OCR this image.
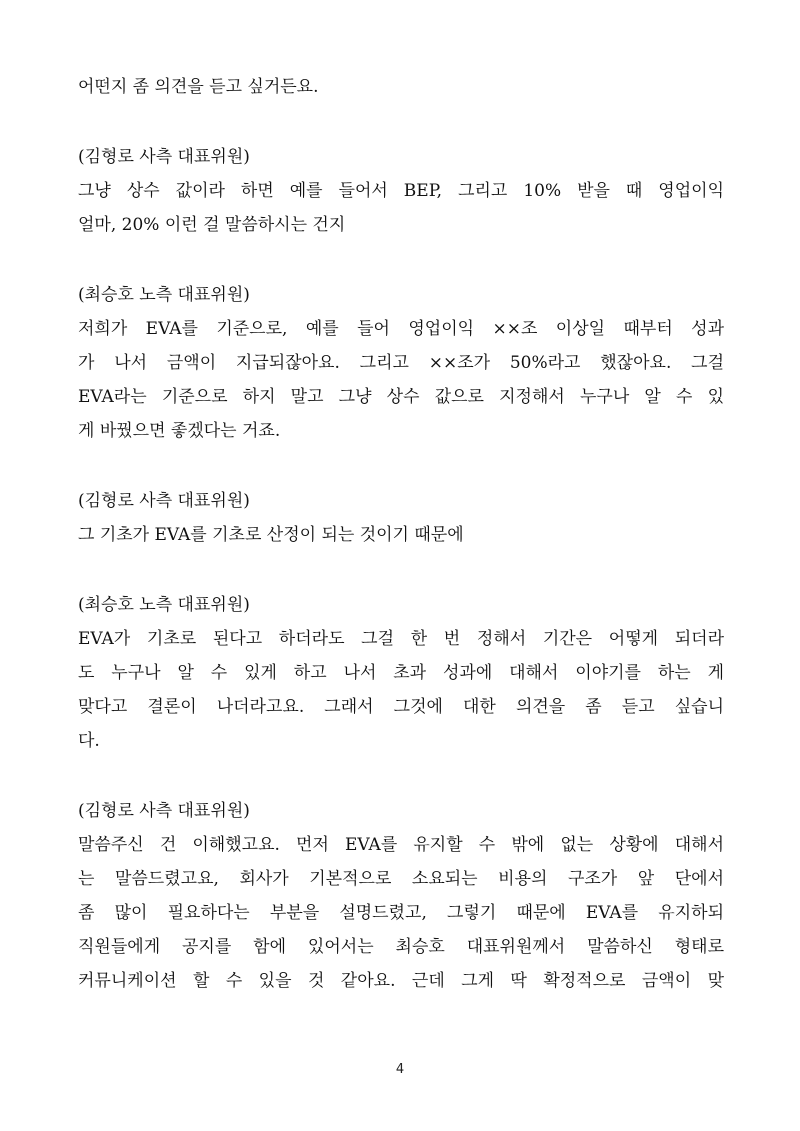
어떤지 좀 의견을 듣고 싶거든요.
(김형로 사측 대표위원)
그냥 상수 값이라 하면 예를 들어서 BEP, 그리고 10% 받을 때 영업이익
얼마, 20% 이런 걸 말씀하시는 건지
(최승호 노측 대표위원)
저희가 EVA를 기준으로, 예를 들어 영업이익 ××조 이상일 때부터 성과
가 나서 금액이 지급되잖아요. 그리고 ××조가 50%라고 했잖아요. 그걸
EVA라는 기준으로 하지 말고 그냥 상수 값으로 지정해서 누구나 알 수 있
게 바꿨으면 좋겠다는 거죠.
(김형로 사측 대표위원)
그 기초가 EVA를 기초로 산정이 되는 것이기 때문에
(최승호 노측 대표위원)
EVA가 기초로 된다고 하더라도 그걸 한 번 정해서 기간은 어떻게 되더라
도 누구나 알 수 있게 하고 나서 초과 성과에 대해서 이야기를 하는 게
맞다고 결론이 나더라고요. 그래서 그것에 대한 의견을 좀 듣고 싶습니
다.
(김형로 사측 대표위원)
말씀주신 건 이해했고요. 먼저 EVA를 유지할 수 밖에 없는 상황에 대해서
는 말씀드렸고요, 회사가 기본적으로 소요되는 비용의 구조가 앞 단에서
좀 많이 필요하다는 부분을 설명드렸고, 그렇기 때문에 EVA를 유지하되
직원들에게 공지를 함에 있어서는 최승호 대표위원께서 말씀하신 형태로
커뮤니케이션 할 수 있을 것 같아요. 근데 그게 딱 확정적으로 금액이 맞
4
